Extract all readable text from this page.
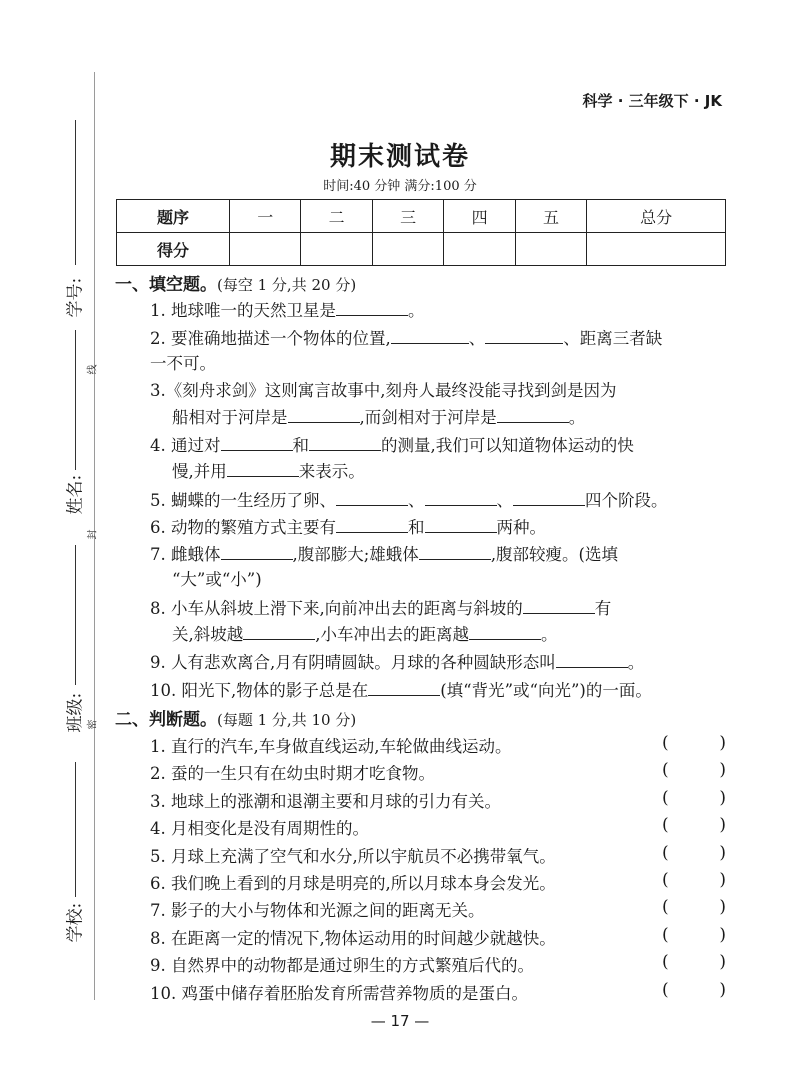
学号:
线
姓名:
封
班级: 密
学校:
科学 · 三年级下 · JK
期末测试卷
时间:40 分钟 满分:100 分
题序	一	二	三	四	五	总分
得分						
一、填空题。(每空 1 分,共 20 分)
1. 地球唯一的天然卫星是	。
2. 要准确地描述一个物体的位置,	、	、距离三者缺
一不可。
3.《刻舟求剑》这则寓言故事中,刻舟人最终没能寻找到剑是因为
船相对于河岸是	,而剑相对于河岸是	。
4. 通过对	和	的测量,我们可以知道物体运动的快
慢,并用	来表示。
5. 蝴蝶的一生经历了卵、	、	、	四个阶段。
6. 动物的繁殖方式主要有	和	两种。
7. 雌蛾体	,腹部膨大;雄蛾体	,腹部较瘦。(选填
“大”或“小”)
8. 小车从斜坡上滑下来,向前冲出去的距离与斜坡的	有
关,斜坡越	,小车冲出去的距离越	。
9. 人有悲欢离合,月有阴晴圆缺。月球的各种圆缺形态叫	。
10. 阳光下,物体的影子总是在	(填“背光”或“向光”)的一面。
二、判断题。(每题 1 分,共 10 分)
1. 直行的汽车,车身做直线运动,车轮做曲线运动。	(	)
2. 蚕的一生只有在幼虫时期才吃食物。	(	)
3. 地球上的涨潮和退潮主要和月球的引力有关。	(	)
4. 月相变化是没有周期性的。	(	)
5. 月球上充满了空气和水分,所以宇航员不必携带氧气。	(	)
6. 我们晚上看到的月球是明亮的,所以月球本身会发光。	(	)
7. 影子的大小与物体和光源之间的距离无关。	(	)
8. 在距离一定的情况下,物体运动用的时间越少就越快。	(	)
9. 自然界中的动物都是通过卵生的方式繁殖后代的。	(	)
10. 鸡蛋中储存着胚胎发育所需营养物质的是蛋白。	(	)
— 17 —
